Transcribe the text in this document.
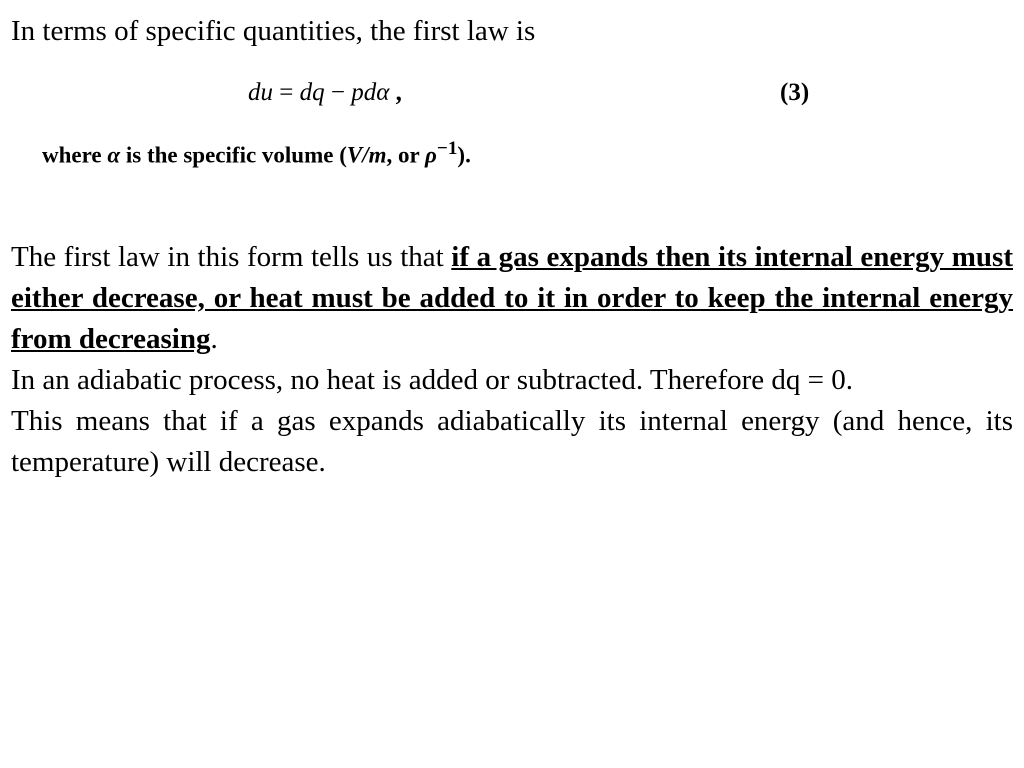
In terms of specific quantities, the first law is
du = dq − pdα ,	(3)
where α is the specific volume (V/m, or $\rho^{-1}$).

The first law in this form tells us that if a gas expands then its internal energy must either decrease, or heat must be added to it in order to keep the internal energy from decreasing.

In an adiabatic process, no heat is added or subtracted. Therefore dq = 0.

This means that if a gas expands adiabatically its internal energy (and hence, its temperature) will decrease.
